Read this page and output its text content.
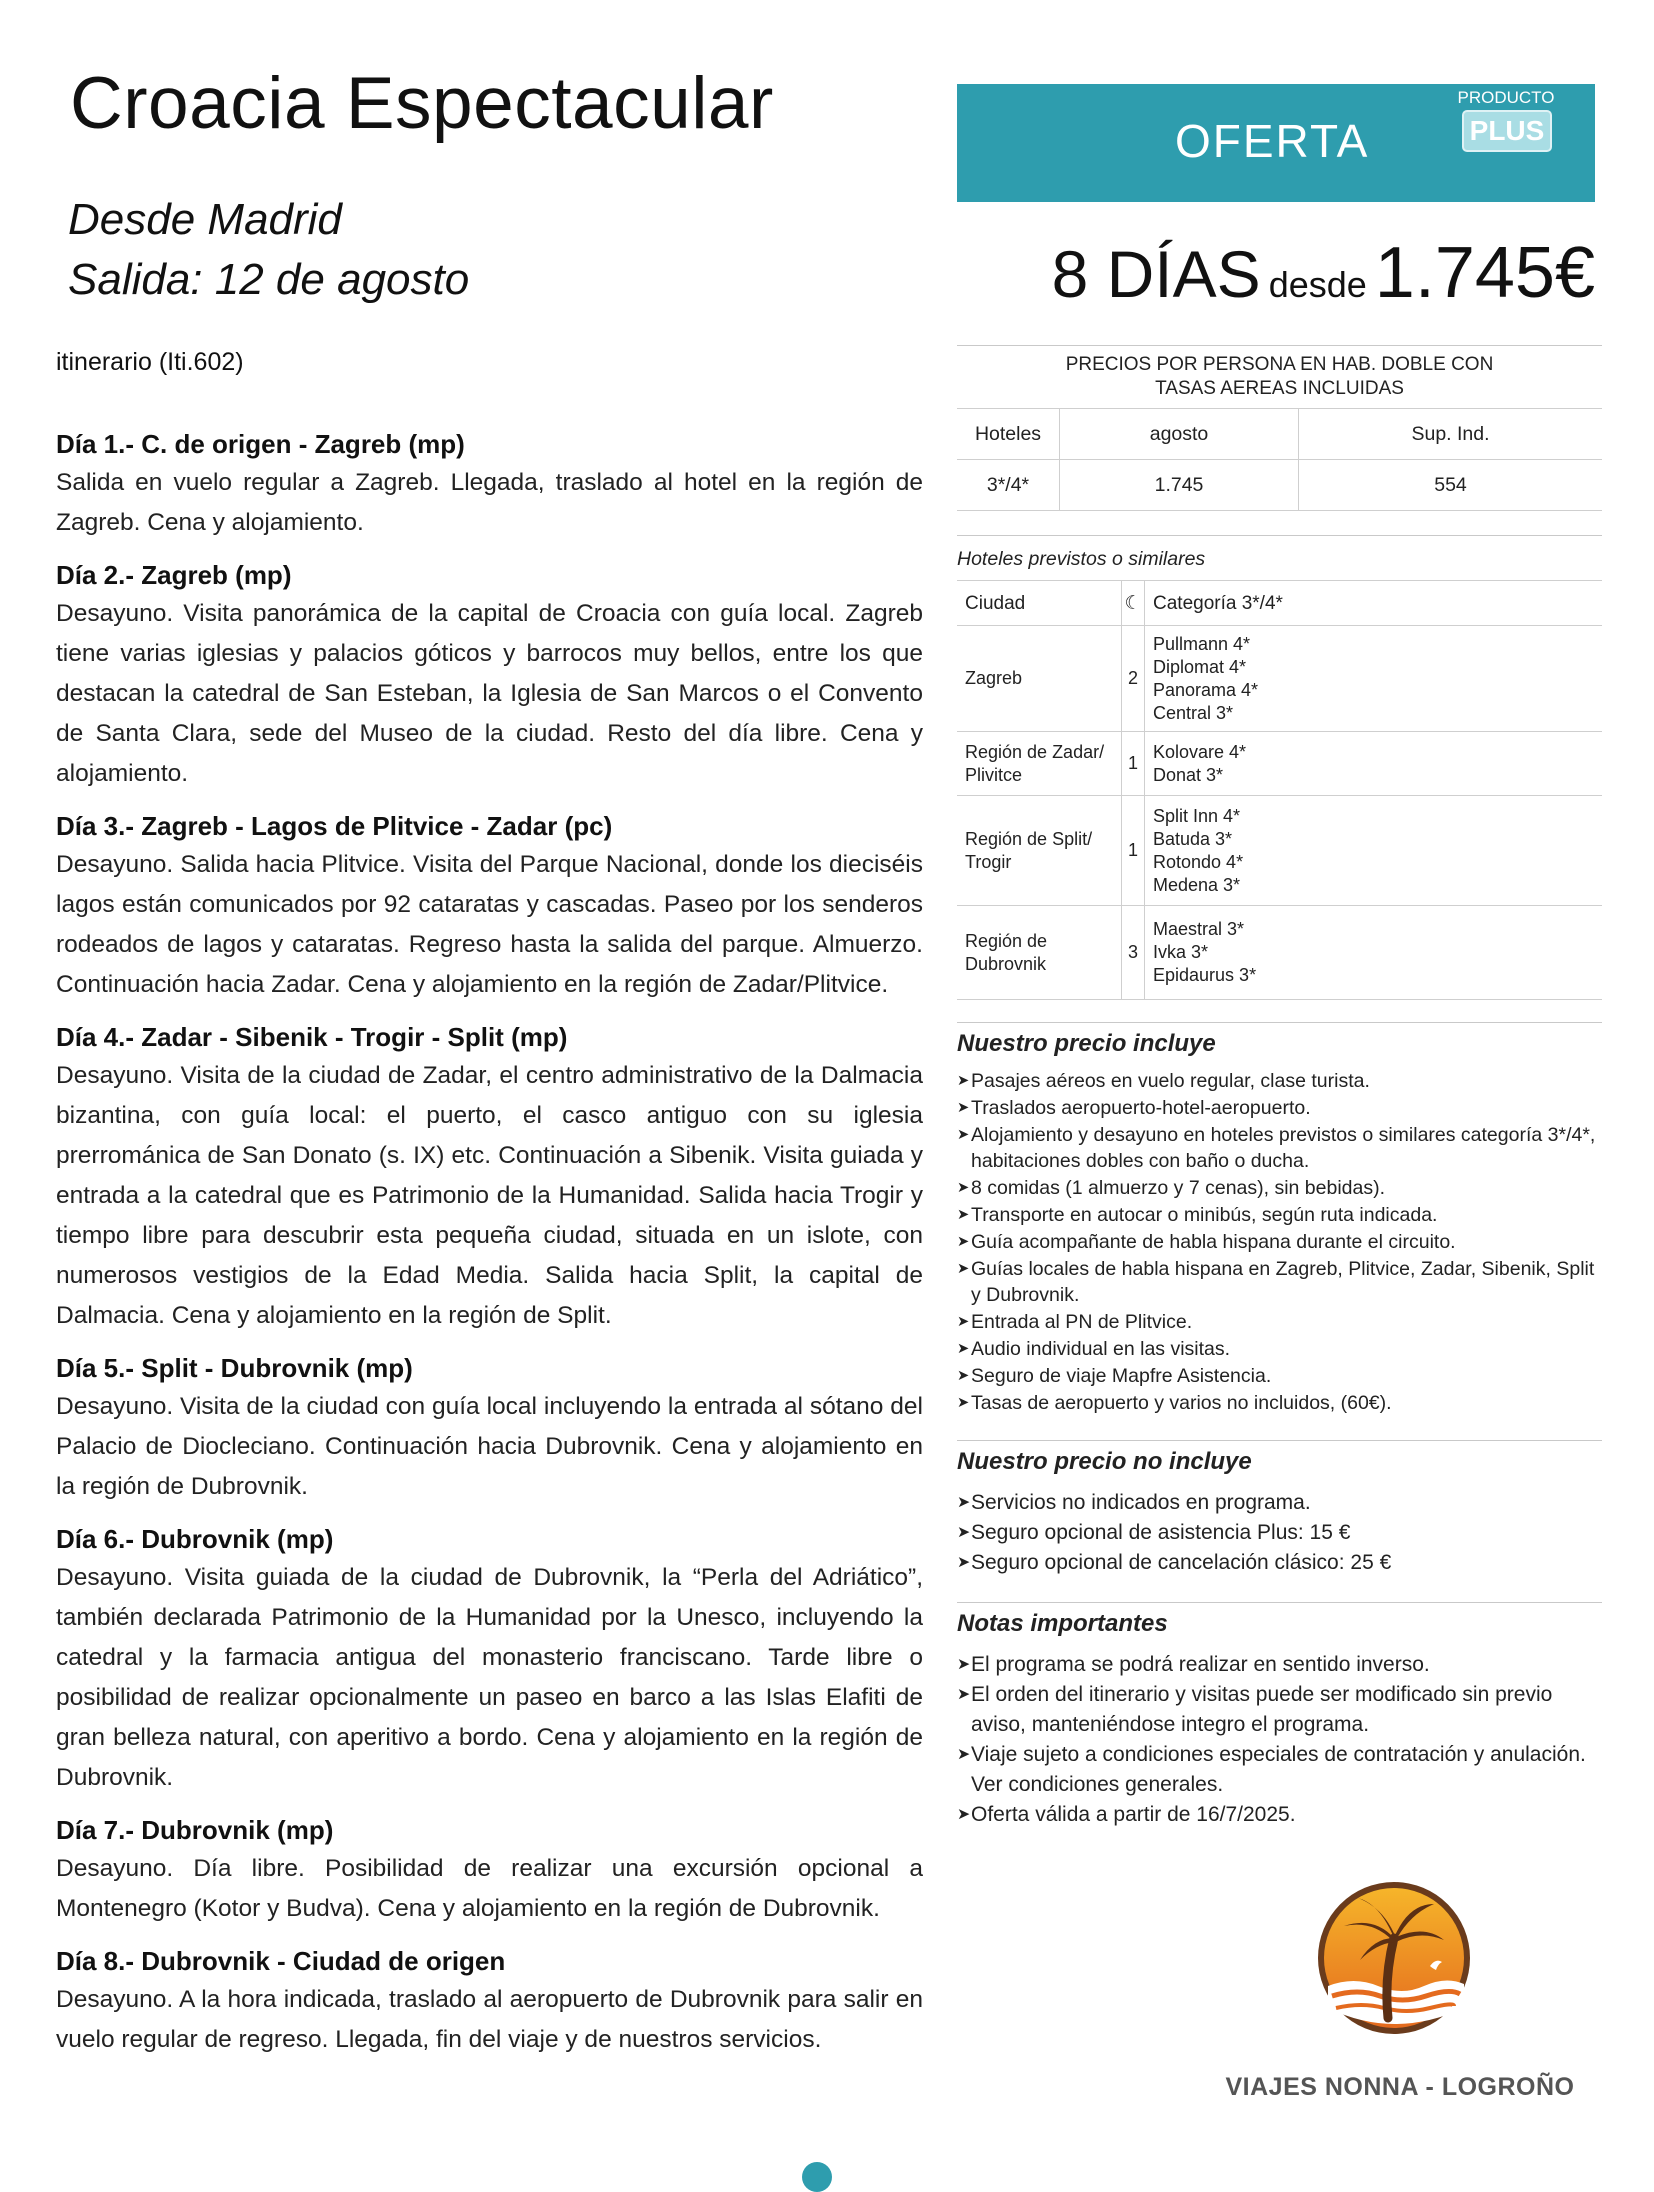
Croacia Espectacular
Desde Madrid
Salida: 12 de agosto
itinerario (Iti.602)
Día 1.- C. de origen - Zagreb (mp)

Salida en vuelo regular a Zagreb. Llegada, traslado al hotel en la región de Zagreb. Cena y alojamiento.

Día 2.- Zagreb (mp)

Desayuno. Visita panorámica de la capital de Croacia con guía local. Zagreb tiene varias iglesias y palacios góticos y barrocos muy bellos, entre los que destacan la catedral de San Esteban, la Iglesia de San Marcos o el Convento de Santa Clara, sede del Museo de la ciudad. Resto del día libre. Cena y alojamiento.

Día 3.- Zagreb - Lagos de Plitvice - Zadar (pc)

Desayuno. Salida hacia Plitvice. Visita del Parque Nacional, donde los dieciséis lagos están comunicados por 92 cataratas y cascadas. Paseo por los senderos rodeados de lagos y cataratas. Regreso hasta la salida del parque. Almuerzo. Continuación hacia Zadar. Cena y alojamiento en la región de Zadar/Plitvice.

Día 4.- Zadar - Sibenik - Trogir - Split (mp)

Desayuno. Visita de la ciudad de Zadar, el centro administrativo de la Dalmacia bizantina, con guía local: el puerto, el casco antiguo con su iglesia prerrománica de San Donato (s. IX) etc. Continuación a Sibenik. Visita guiada y entrada a la catedral que es Patrimonio de la Humanidad. Salida hacia Trogir y tiempo libre para descubrir esta pequeña ciudad, situada en un islote, con numerosos vestigios de la Edad Media. Salida hacia Split, la capital de Dalmacia. Cena y alojamiento en la región de Split.

Día 5.- Split - Dubrovnik (mp)

Desayuno. Visita de la ciudad con guía local incluyendo la entrada al sótano del Palacio de Diocleciano. Continuación hacia Dubrovnik. Cena y alojamiento en la región de Dubrovnik.

Día 6.- Dubrovnik (mp)

Desayuno. Visita guiada de la ciudad de Dubrovnik, la “Perla del Adriático”, también declarada Patrimonio de la Humanidad por la Unesco, incluyendo la catedral y la farmacia antigua del monasterio franciscano. Tarde libre o posibilidad de realizar opcionalmente un paseo en barco a las Islas Elafiti de gran belleza natural, con aperitivo a bordo. Cena y alojamiento en la región de Dubrovnik.

Día 7.- Dubrovnik (mp)

Desayuno. Día libre. Posibilidad de realizar una excursión opcional a Montenegro (Kotor y Budva). Cena y alojamiento en la región de Dubrovnik.

Día 8.- Dubrovnik - Ciudad de origen

Desayuno. A la hora indicada, traslado al aeropuerto de Dubrovnik para salir en vuelo regular de regreso. Llegada, fin del viaje y de nuestros servicios.

OFERTA
PRODUCTO
PLUS
8 DÍAS desde 1.745€
PRECIOS POR PERSONA EN HAB. DOBLE CON
TASAS AEREAS INCLUIDAS
Hoteles	agosto	Sup. Ind.
3*/4*	1.745	554
Hoteles previstos o similares
Ciudad	☾	Categoría 3*/4*
Zagreb	2	Pullmann 4*
Diplomat 4*
Panorama 4*
Central 3*

Región de Zadar/ Plivitce	1	Kolovare 4*
Donat 3*

Región de Split/ Trogir	1	Split Inn 4*
Batuda 3*
Rotondo 4*
Medena 3*

Región de Dubrovnik	3	Maestral 3*
Ivka 3*
Epidaurus 3*
Nuestro precio incluye
➤ Pasajes aéreos en vuelo regular, clase turista.
➤ Traslados aeropuerto-hotel-aeropuerto.
➤ Alojamiento y desayuno en hoteles previstos o similares categoría 3*/4*, habitaciones dobles con baño o ducha.
➤ 8 comidas (1 almuerzo y 7 cenas), sin bebidas).
➤ Transporte en autocar o minibús, según ruta indicada.
➤ Guía acompañante de habla hispana durante el circuito.
➤ Guías locales de habla hispana en Zagreb, Plitvice, Zadar, Sibenik, Split y Dubrovnik.
➤ Entrada al PN de Plitvice.
➤ Audio individual en las visitas.
➤ Seguro de viaje Mapfre Asistencia.
➤ Tasas de aeropuerto y varios no incluidos, (60€).
Nuestro precio no incluye
➤ Servicios no indicados en programa.
➤ Seguro opcional de asistencia Plus: 15 €
➤ Seguro opcional de cancelación clásico: 25 €
Notas importantes
➤ El programa se podrá realizar en sentido inverso.
➤ El orden del itinerario y visitas puede ser modificado sin previo aviso, manteniéndose integro el programa.
➤ Viaje sujeto a condiciones especiales de contratación y anulación. Ver condiciones generales.
➤ Oferta válida a partir de 16/7/2025.
VIAJES NONNA - LOGROÑO
